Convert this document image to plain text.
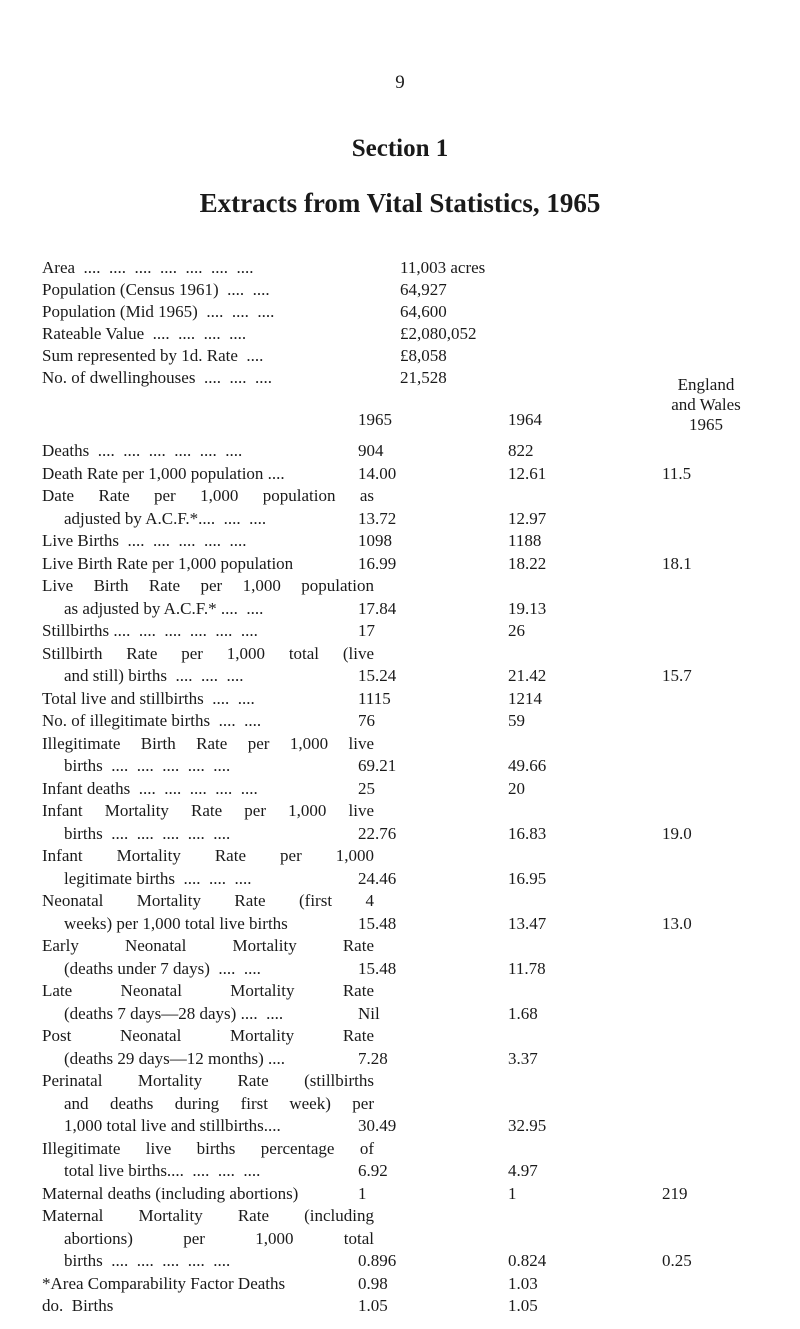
9
Section 1
Extracts from Vital Statistics, 1965
Area  ....  ....  ....  ....  ....  ....  ....	11,003 acres
Population (Census 1961)  ....  ....	64,927
Population (Mid 1965)  ....  ....  ....	64,600
Rateable Value  ....  ....  ....  ....	£2,080,052
Sum represented by 1d. Rate  ....	£8,058
No. of dwellinghouses  ....  ....  ....	21,528
1965	1964
England
and Wales
1965
Deaths  ....  ....  ....  ....  ....  ....	904	822
Death Rate per 1,000 population ....	14.00	12.61	11.5
Date Rate per 1,000 population as
adjusted by A.C.F.*....  ....  ....	13.72	12.97
Live Births  ....  ....  ....  ....  ....	1098	1188
Live Birth Rate per 1,000 population	16.99	18.22	18.1
Live Birth Rate per 1,000 population
as adjusted by A.C.F.* ....  ....	17.84	19.13
Stillbirths ....  ....  ....  ....  ....  ....	17	26
Stillbirth Rate per 1,000 total (live
and still) births  ....  ....  ....	15.24	21.42	15.7
Total live and stillbirths  ....  ....	1115	1214
No. of illegitimate births  ....  ....	76	59
Illegitimate Birth Rate per 1,000 live
births  ....  ....  ....  ....  ....	69.21	49.66
Infant deaths  ....  ....  ....  ....  ....	25	20
Infant Mortality Rate per 1,000 live
births  ....  ....  ....  ....  ....	22.76	16.83	19.0
Infant Mortality Rate per 1,000
legitimate births  ....  ....  ....	24.46	16.95
Neonatal Mortality Rate (first 4
weeks) per 1,000 total live births	15.48	13.47	13.0
Early Neonatal Mortality Rate
(deaths under 7 days)  ....  ....	15.48	11.78
Late Neonatal Mortality Rate
(deaths 7 days—28 days) ....  ....	Nil	1.68
Post Neonatal Mortality Rate
(deaths 29 days—12 months) ....	7.28	3.37
Perinatal Mortality Rate (stillbirths
and deaths during first week) per
1,000 total live and stillbirths....	30.49	32.95
Illegitimate live births percentage of
total live births....  ....  ....  ....	6.92	4.97
Maternal deaths (including abortions)	1	1	219
Maternal Mortality Rate (including
abortions) per 1,000 total
births  ....  ....  ....  ....  ....	0.896	0.824	0.25
*Area Comparability Factor Deaths	0.98	1.03
do.  Births	1.05	1.05
